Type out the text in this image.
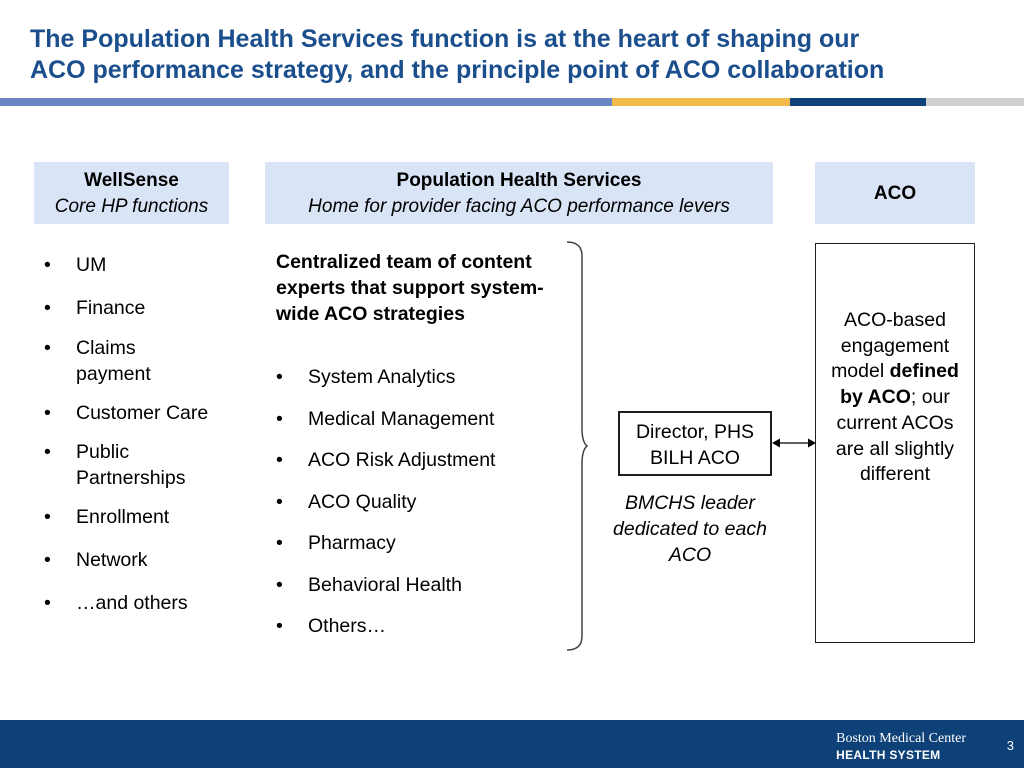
The Population Health Services function is at the heart of shaping our
ACO performance strategy, and the principle point of ACO collaboration
WellSense
Core HP functions
Population Health Services
Home for provider facing ACO performance levers
ACO
• UM
• Finance
• Claims payment
• Customer Care
• Public Partnerships
• Enrollment
• Network
• …and others
Centralized team of content experts that support system-wide ACO strategies
• System Analytics
• Medical Management
• ACO Risk Adjustment
• ACO Quality
• Pharmacy
• Behavioral Health
• Others…
Director, PHS
BILH ACO
BMCHS leader dedicated to each ACO
ACO-based engagement model defined by ACO; our current ACOs are all slightly different
Boston Medical Center
HEALTH SYSTEM
3
